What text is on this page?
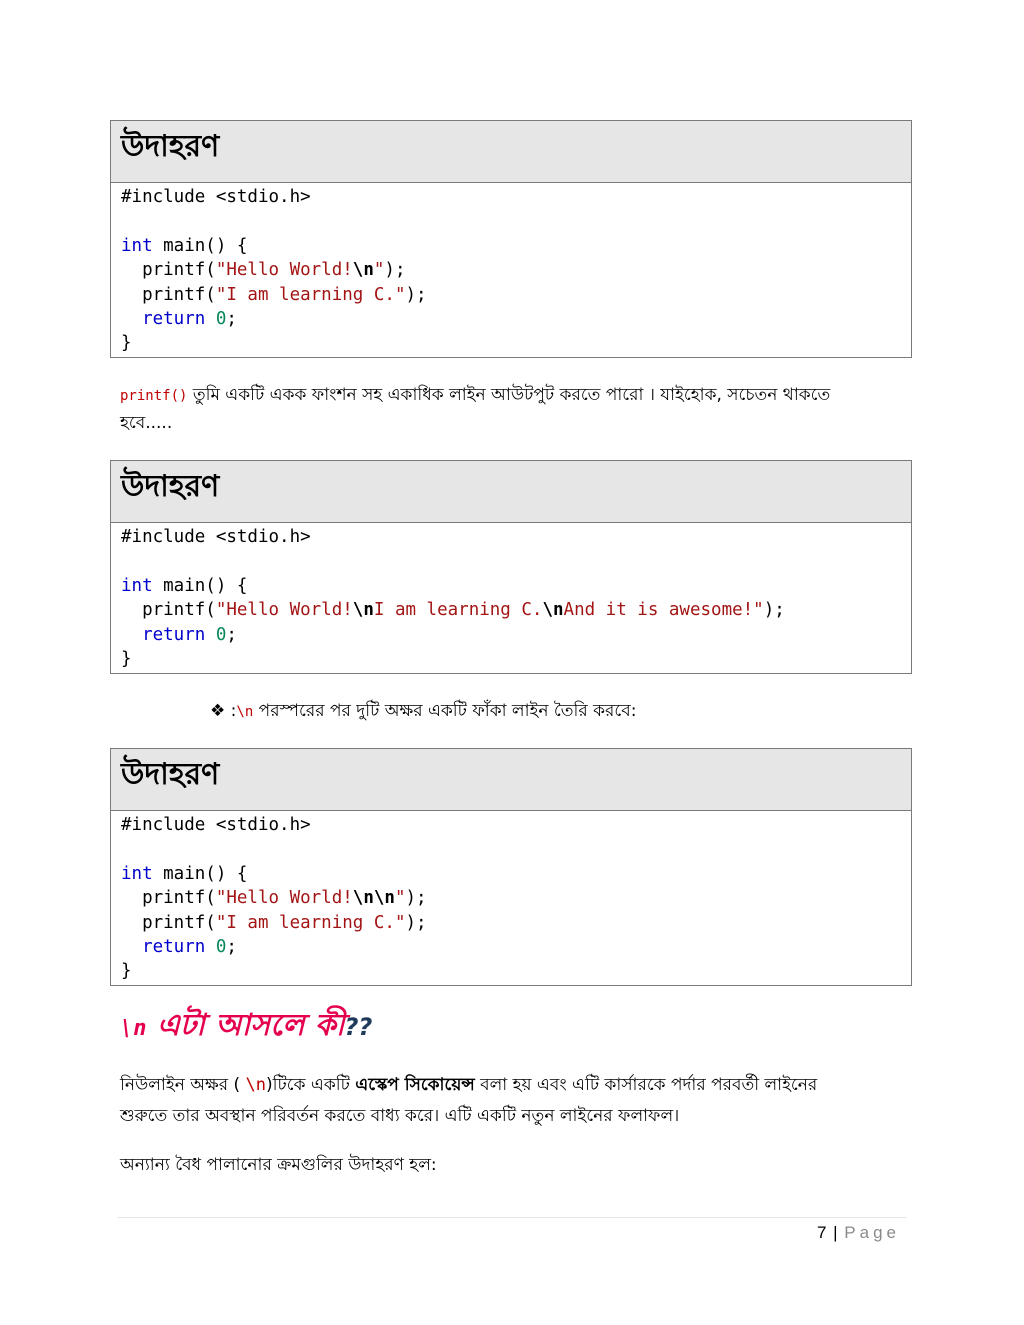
উদাহরণ
#include <stdio.h>

int main() {
printf("Hello World!\n");
printf("I am learning C.");
return 0;
}
printf() তুমি একটি একক ফাংশন সহ একাধিক লাইন আউটপুট করতে পারো । যাইহোক, সচেতন থাকতে হবে.....
উদাহরণ
#include <stdio.h>

int main() {
printf("Hello World!\nI am learning C.\nAnd it is awesome!");
return 0;
}
❖ :\n পরস্পরের পর দুটি অক্ষর একটি ফাঁকা লাইন তৈরি করবে:
উদাহরণ
#include <stdio.h>

int main() {
printf("Hello World!\n\n");
printf("I am learning C.");
return 0;
}
\n এটা আসলে কী??
নিউলাইন অক্ষর ( \n)টিকে একটি এস্কেপ সিকোয়েন্স বলা হয় এবং এটি কার্সারকে পর্দার পরবর্তী লাইনের শুরুতে তার অবস্থান পরিবর্তন করতে বাধ্য করে। এটি একটি নতুন লাইনের ফলাফল।
অন্যান্য বৈধ পালানোর ক্রমগুলির উদাহরণ হল:
7 | Page
